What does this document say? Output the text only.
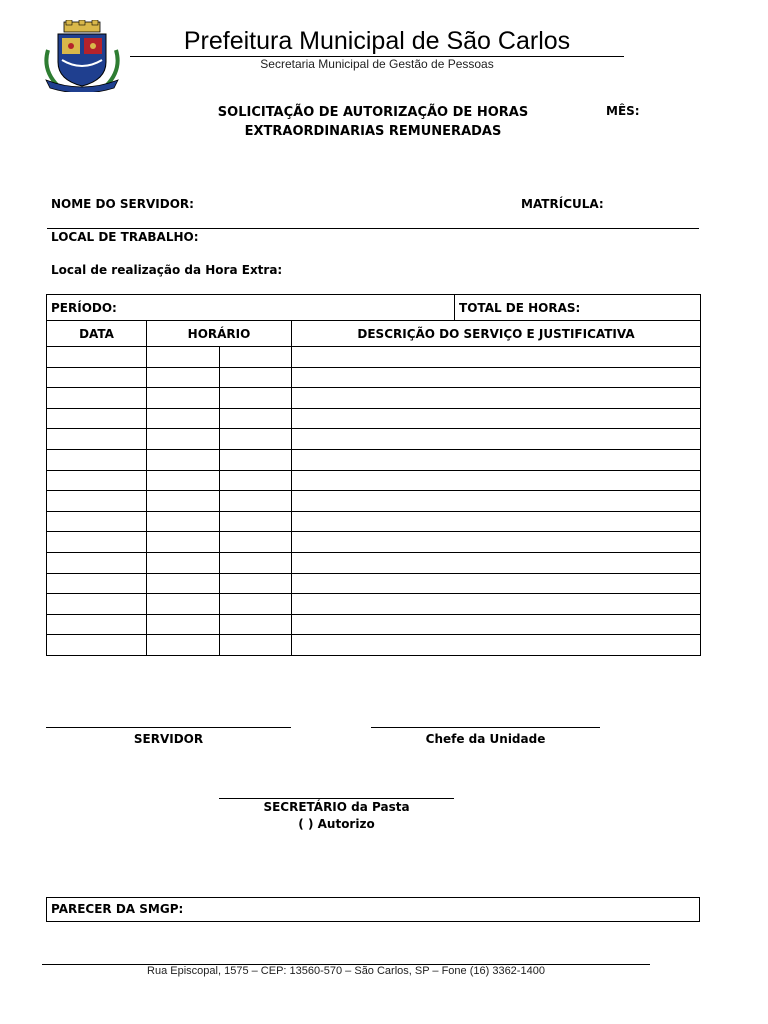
Prefeitura Municipal de São Carlos
Secretaria Municipal de Gestão de Pessoas
SOLICITAÇÃO DE AUTORIZAÇÃO DE HORAS
EXTRAORDINARIAS REMUNERADAS
MÊS:
NOME DO SERVIDOR:	MATRÍCULA:
LOCAL DE TRABALHO:
Local de realização da Hora Extra:
PERÍODO:				TOTAL DE HORAS:
DATA	HORÁRIO		DESCRIÇÃO DO SERVIÇO E JUSTIFICATIVA	

SERVIDOR	Chefe da Unidade
SECRETÁRIO da Pasta
( ) Autorizo
PARECER DA SMGP:
Rua Episcopal, 1575 – CEP: 13560-570 – São Carlos, SP – Fone (16) 3362-1400
